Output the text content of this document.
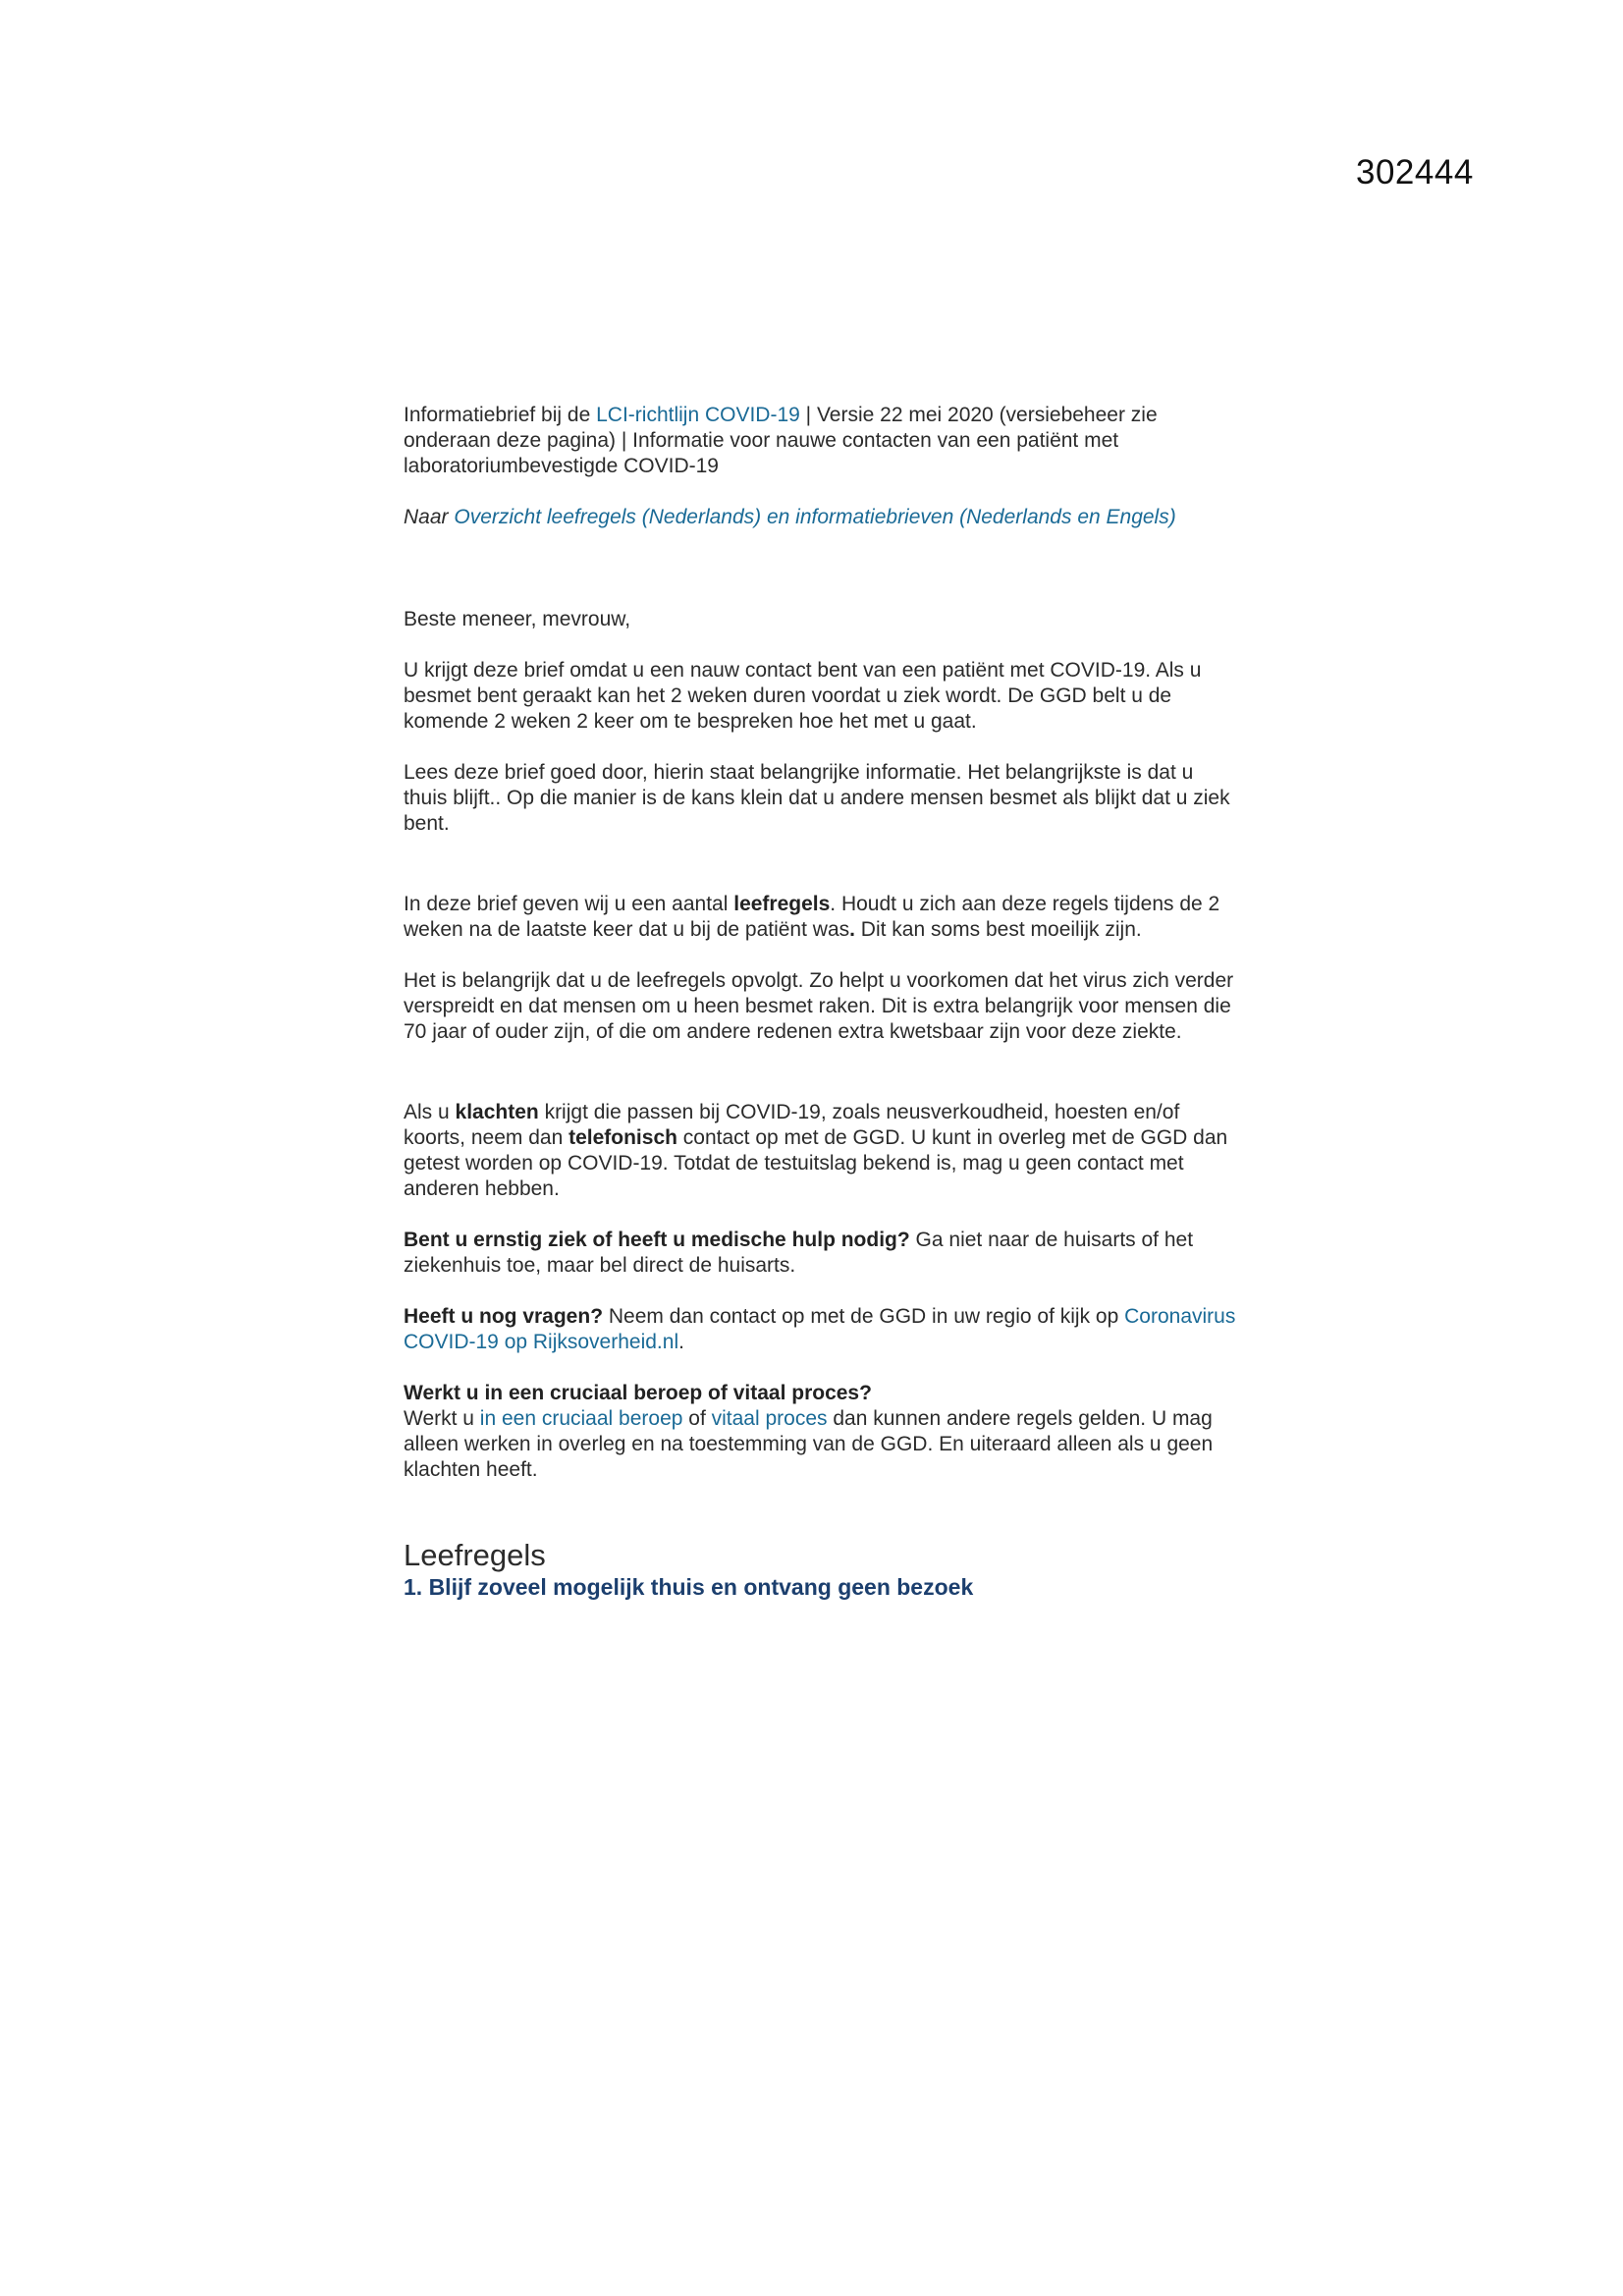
302444

Informatiebrief bij de LCI-richtlijn COVID-19 | Versie 22 mei 2020 (versiebeheer zie onderaan deze pagina) | Informatie voor nauwe contacten van een patiënt met laboratoriumbevestigde COVID-19

Naar Overzicht leefregels (Nederlands) en informatiebrieven (Nederlands en Engels)

Beste meneer, mevrouw,

U krijgt deze brief omdat u een nauw contact bent van een patiënt met COVID-19. Als u besmet bent geraakt kan het 2 weken duren voordat u ziek wordt. De GGD belt u de komende 2 weken 2 keer om te bespreken hoe het met u gaat.

Lees deze brief goed door, hierin staat belangrijke informatie. Het belangrijkste is dat u thuis blijft.. Op die manier is de kans klein dat u andere mensen besmet als blijkt dat u ziek bent.

In deze brief geven wij u een aantal leefregels. Houdt u zich aan deze regels tijdens de 2 weken na de laatste keer dat u bij de patiënt was. Dit kan soms best moeilijk zijn.

Het is belangrijk dat u de leefregels opvolgt. Zo helpt u voorkomen dat het virus zich verder verspreidt en dat mensen om u heen besmet raken. Dit is extra belangrijk voor mensen die 70 jaar of ouder zijn, of die om andere redenen extra kwetsbaar zijn voor deze ziekte.

Als u klachten krijgt die passen bij COVID-19, zoals neusverkoudheid, hoesten en/of koorts, neem dan telefonisch contact op met de GGD. U kunt in overleg met de GGD dan getest worden op COVID-19. Totdat de testuitslag bekend is, mag u geen contact met anderen hebben.

Bent u ernstig ziek of heeft u medische hulp nodig? Ga niet naar de huisarts of het ziekenhuis toe, maar bel direct de huisarts.

Heeft u nog vragen? Neem dan contact op met de GGD in uw regio of kijk op Coronavirus COVID-19 op Rijksoverheid.nl.

Werkt u in een cruciaal beroep of vitaal proces?
Werkt u in een cruciaal beroep of vitaal proces dan kunnen andere regels gelden. U mag alleen werken in overleg en na toestemming van de GGD. En uiteraard alleen als u geen klachten heeft.

Leefregels

1. Blijf zoveel mogelijk thuis en ontvang geen bezoek
